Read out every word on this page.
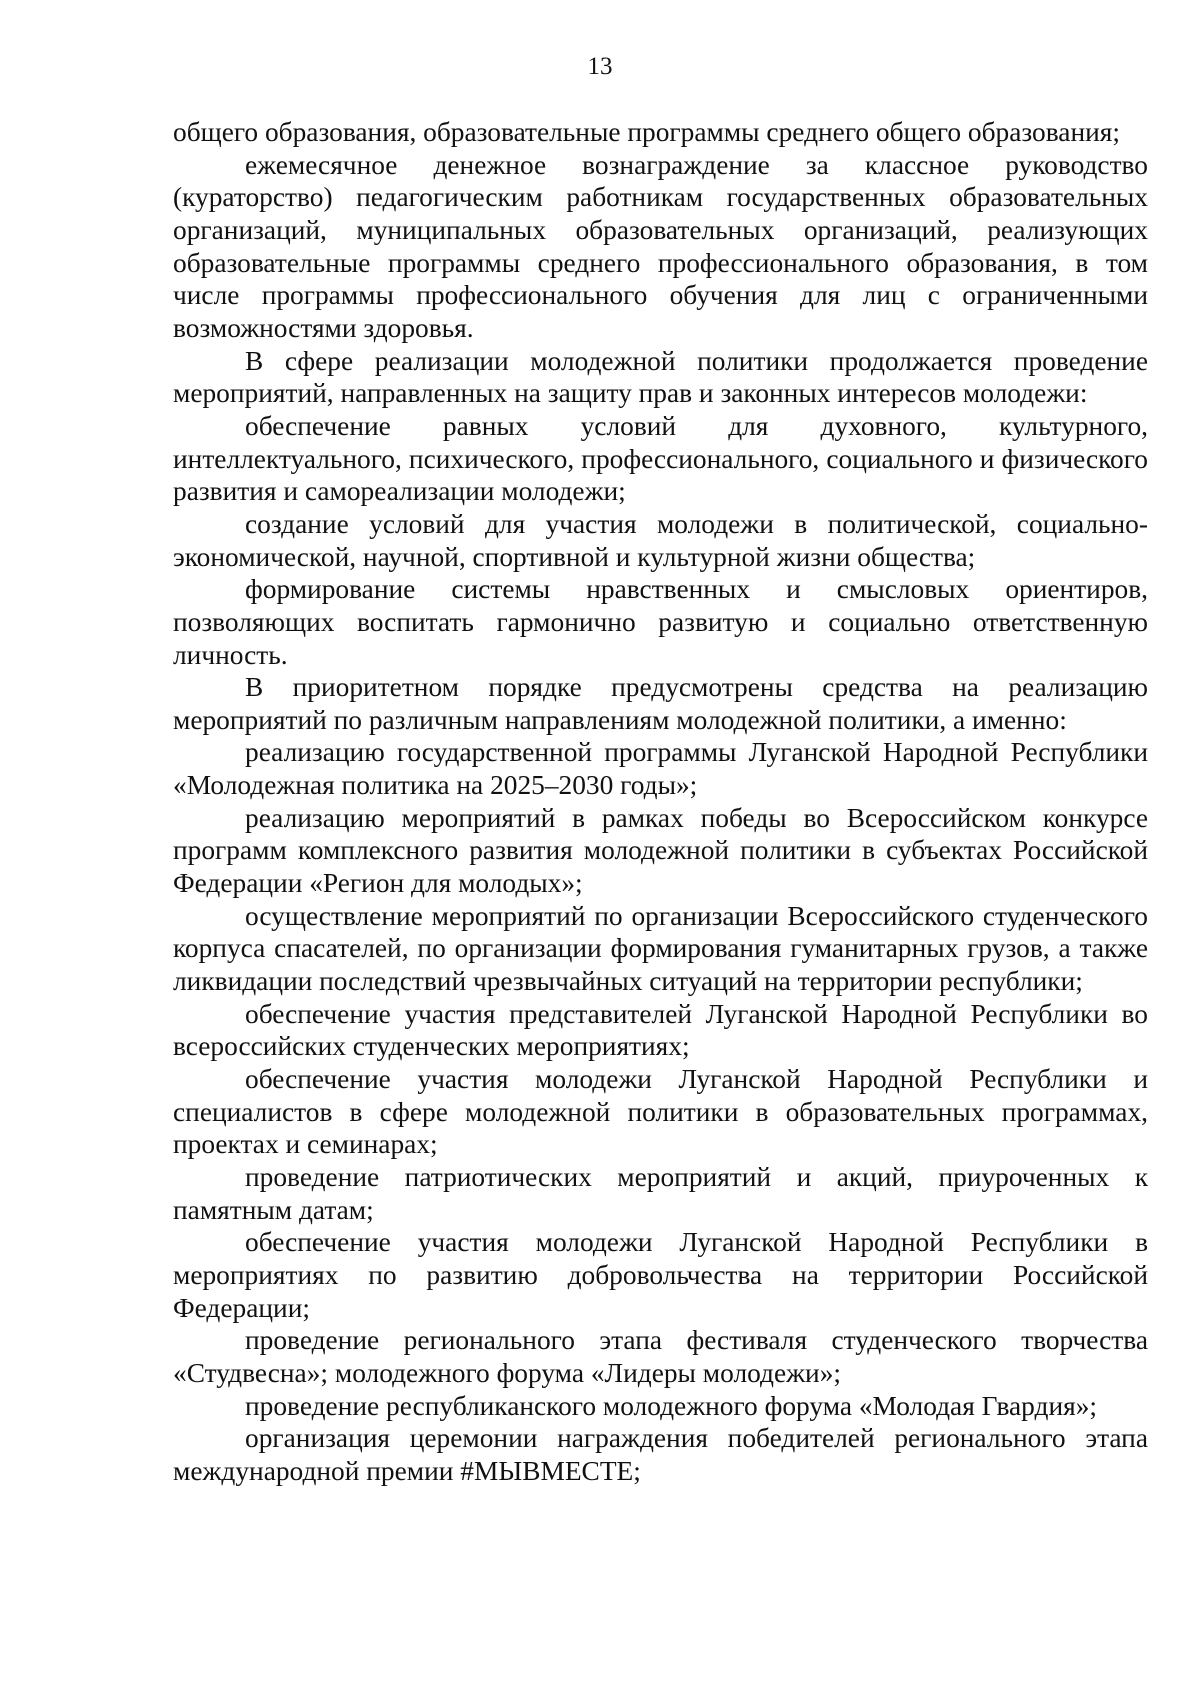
13

общего образования, образовательные программы среднего общего образования;

ежемесячное денежное вознаграждение за классное руководство (кураторство) педагогическим работникам государственных образовательных организаций, муниципальных образовательных организаций, реализующих образовательные программы среднего профессионального образования, в том числе программы профессионального обучения для лиц с ограниченными возможностями здоровья.

В сфере реализации молодежной политики продолжается проведение мероприятий, направленных на защиту прав и законных интересов молодежи:

обеспечение равных условий для духовного, культурного, интеллектуального, психического, профессионального, социального и физического развития и самореализации молодежи;

создание условий для участия молодежи в политической, социально-экономической, научной, спортивной и культурной жизни общества;

формирование системы нравственных и смысловых ориентиров, позволяющих воспитать гармонично развитую и социально ответственную личность.

В приоритетном порядке предусмотрены средства на реализацию мероприятий по различным направлениям молодежной политики, а именно:

реализацию государственной программы Луганской Народной Республики «Молодежная политика на 2025–2030 годы»;

реализацию мероприятий в рамках победы во Всероссийском конкурсе программ комплексного развития молодежной политики в субъектах Российской Федерации «Регион для молодых»;

осуществление мероприятий по организации Всероссийского студенческого корпуса спасателей, по организации формирования гуманитарных грузов, а также ликвидации последствий чрезвычайных ситуаций на территории республики;

обеспечение участия представителей Луганской Народной Республики во всероссийских студенческих мероприятиях;

обеспечение участия молодежи Луганской Народной Республики и специалистов в сфере молодежной политики в образовательных программах, проектах и семинарах;

проведение патриотических мероприятий и акций, приуроченных к памятным датам;

обеспечение участия молодежи Луганской Народной Республики в мероприятиях по развитию добровольчества на территории Российской Федерации;

проведение регионального этапа фестиваля студенческого творчества «Студвесна»; молодежного форума «Лидеры молодежи»;

проведение республиканского молодежного форума «Молодая Гвардия»;

организация церемонии награждения победителей регионального этапа международной премии #МЫВМЕСТЕ;
